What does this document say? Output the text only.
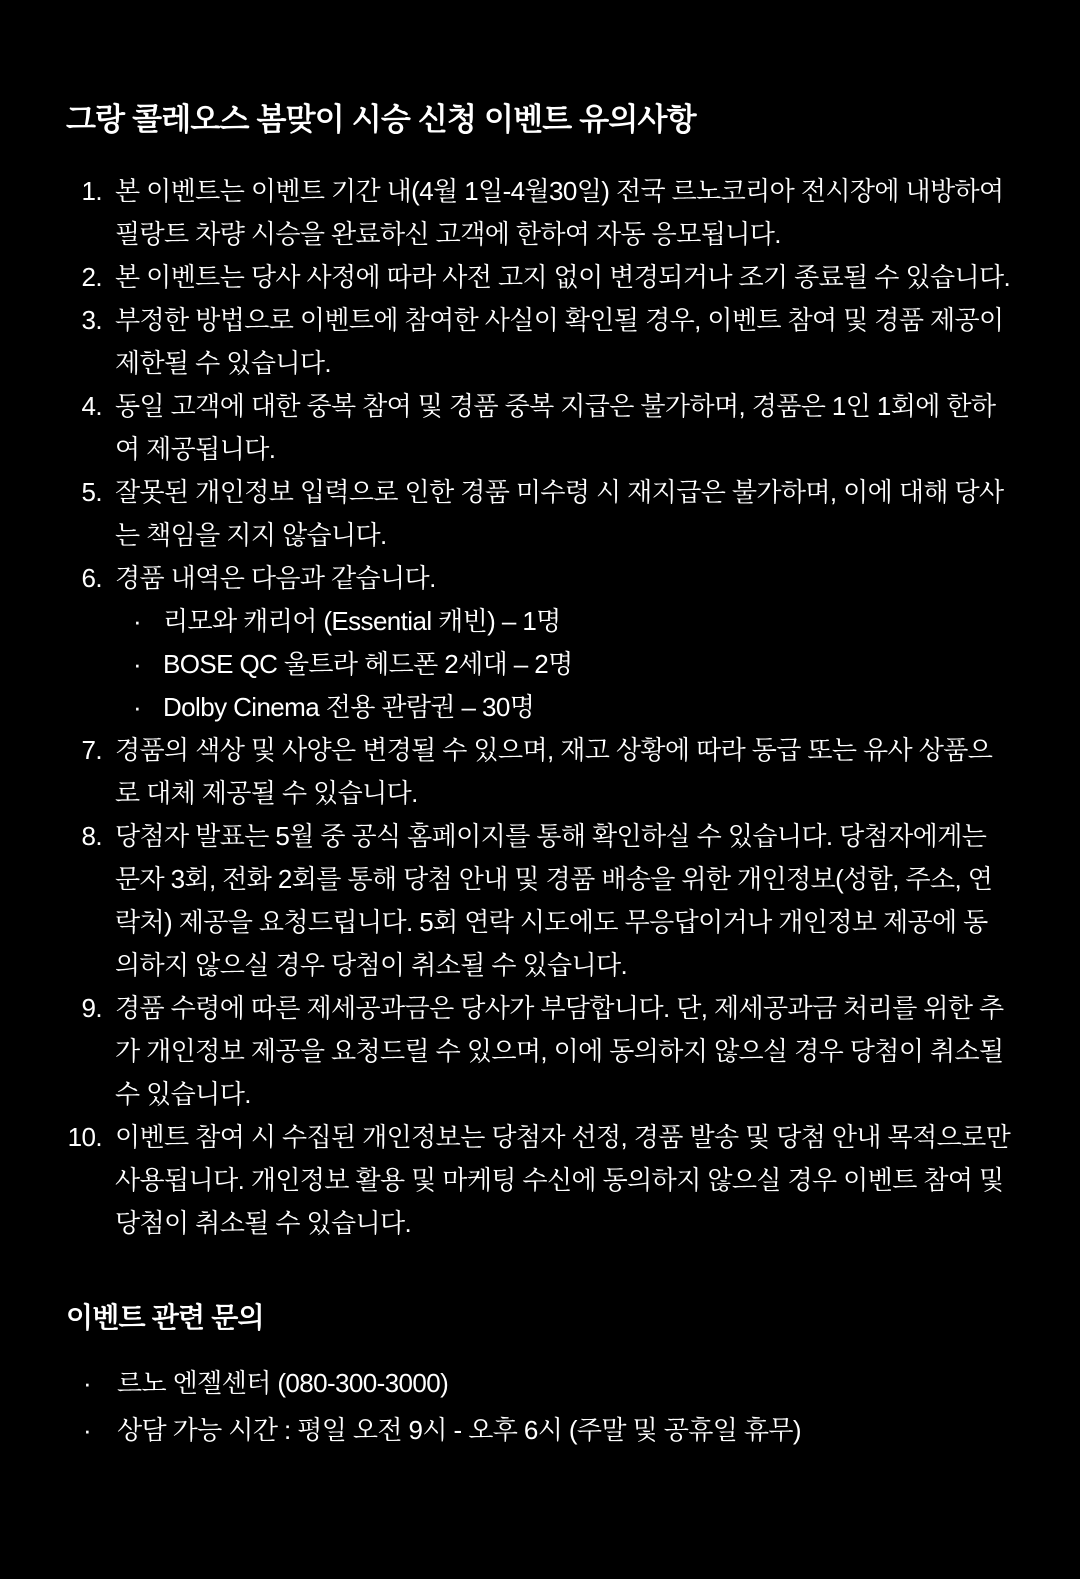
그랑 콜레오스 봄맞이 시승 신청 이벤트 유의사항
1. 본 이벤트는 이벤트 기간 내(4월 1일-4월30일) 전국 르노코리아 전시장에 내방하여 필랑트 차량 시승을 완료하신 고객에 한하여 자동 응모됩니다.
2. 본 이벤트는 당사 사정에 따라 사전 고지 없이 변경되거나 조기 종료될 수 있습니다.
3. 부정한 방법으로 이벤트에 참여한 사실이 확인될 경우, 이벤트 참여 및 경품 제공이 제한될 수 있습니다.
4. 동일 고객에 대한 중복 참여 및 경품 중복 지급은 불가하며, 경품은 1인 1회에 한하여 제공됩니다.
5. 잘못된 개인정보 입력으로 인한 경품 미수령 시 재지급은 불가하며, 이에 대해 당사는 책임을 지지 않습니다.
6. 경품 내역은 다음과 같습니다.
· 리모와 캐리어 (Essential 캐빈) – 1명
· BOSE QC 울트라 헤드폰 2세대 – 2명
· Dolby Cinema 전용 관람권 – 30명
7. 경품의 색상 및 사양은 변경될 수 있으며, 재고 상황에 따라 동급 또는 유사 상품으로 대체 제공될 수 있습니다.
8. 당첨자 발표는 5월 중 공식 홈페이지를 통해 확인하실 수 있습니다. 당첨자에게는 문자 3회, 전화 2회를 통해 당첨 안내 및 경품 배송을 위한 개인정보(성함, 주소, 연락처) 제공을 요청드립니다. 5회 연락 시도에도 무응답이거나 개인정보 제공에 동의하지 않으실 경우 당첨이 취소될 수 있습니다.
9. 경품 수령에 따른 제세공과금은 당사가 부담합니다. 단, 제세공과금 처리를 위한 추가 개인정보 제공을 요청드릴 수 있으며, 이에 동의하지 않으실 경우 당첨이 취소될 수 있습니다.
10. 이벤트 참여 시 수집된 개인정보는 당첨자 선정, 경품 발송 및 당첨 안내 목적으로만 사용됩니다. 개인정보 활용 및 마케팅 수신에 동의하지 않으실 경우 이벤트 참여 및 당첨이 취소될 수 있습니다.
이벤트 관련 문의
· 르노 엔젤센터 (080-300-3000)
· 상담 가능 시간 : 평일 오전 9시 - 오후 6시 (주말 및 공휴일 휴무)
